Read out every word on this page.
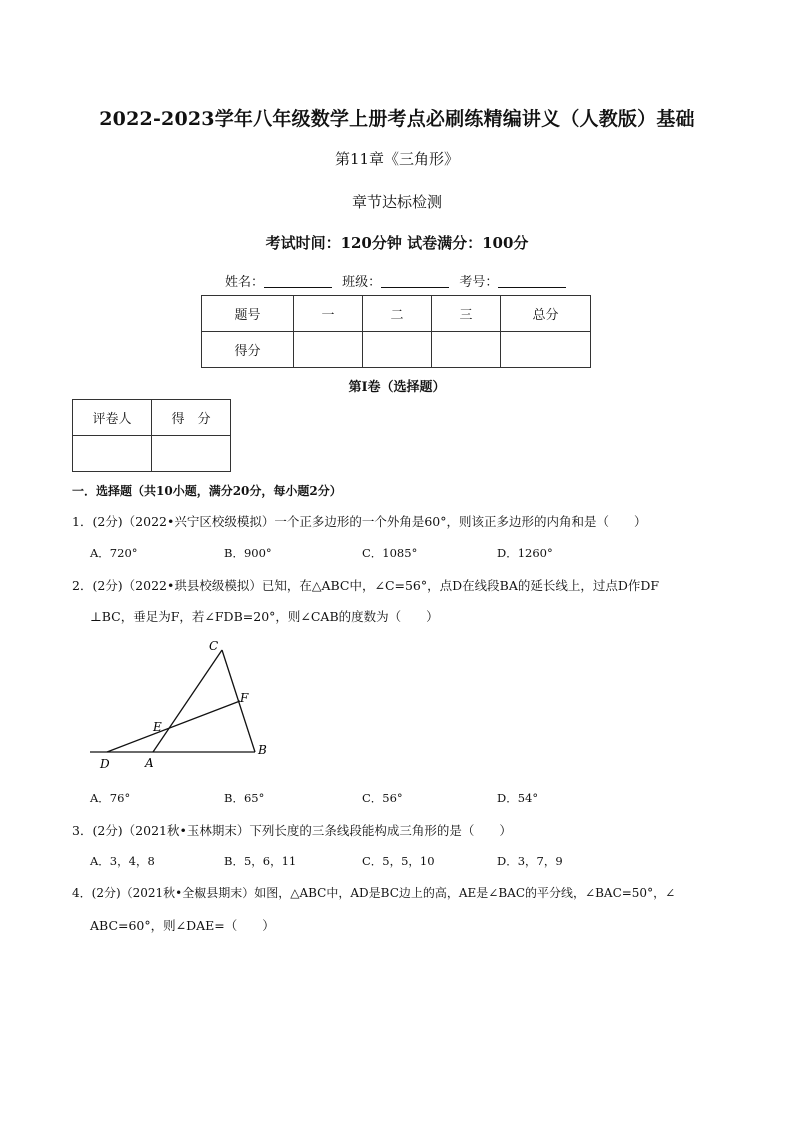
2022-2023学年八年级数学上册考点必刷练精编讲义（人教版）基础
第11章《三角形》
章节达标检测
考试时间：120分钟 试卷满分：100分
姓名：	班级：	考号：
题号	一	二	三	总分
得分				
第Ⅰ卷（选择题）
评卷人	得　分

一．选择题（共10小题，满分20分，每小题2分）
1．(2分)（2022•兴宁区校级模拟）一个正多边形的一个外角是60°，则该正多边形的内角和是（　　）
A．720°	B．900°	C．1085°	D．1260°
2．(2分)（2022•珙县校级模拟）已知，在△ABC中，∠C=56°，点D在线段BA的延长线上，过点D作DF
⊥BC，垂足为F，若∠FDB=20°，则∠CAB的度数为（　　）
C
F
E
B
D	A
A．76°	B．65°	C．56°	D．54°
3．(2分)（2021秋•玉林期末）下列长度的三条线段能构成三角形的是（　　）
A．3，4，8	B．5，6，11	C．5，5，10	D．3，7，9
4．(2分)（2021秋•全椒县期末）如图，△ABC中，AD是BC边上的高，AE是∠BAC的平分线，∠BAC=50°，∠
ABC=60°，则∠DAE=（　　）
